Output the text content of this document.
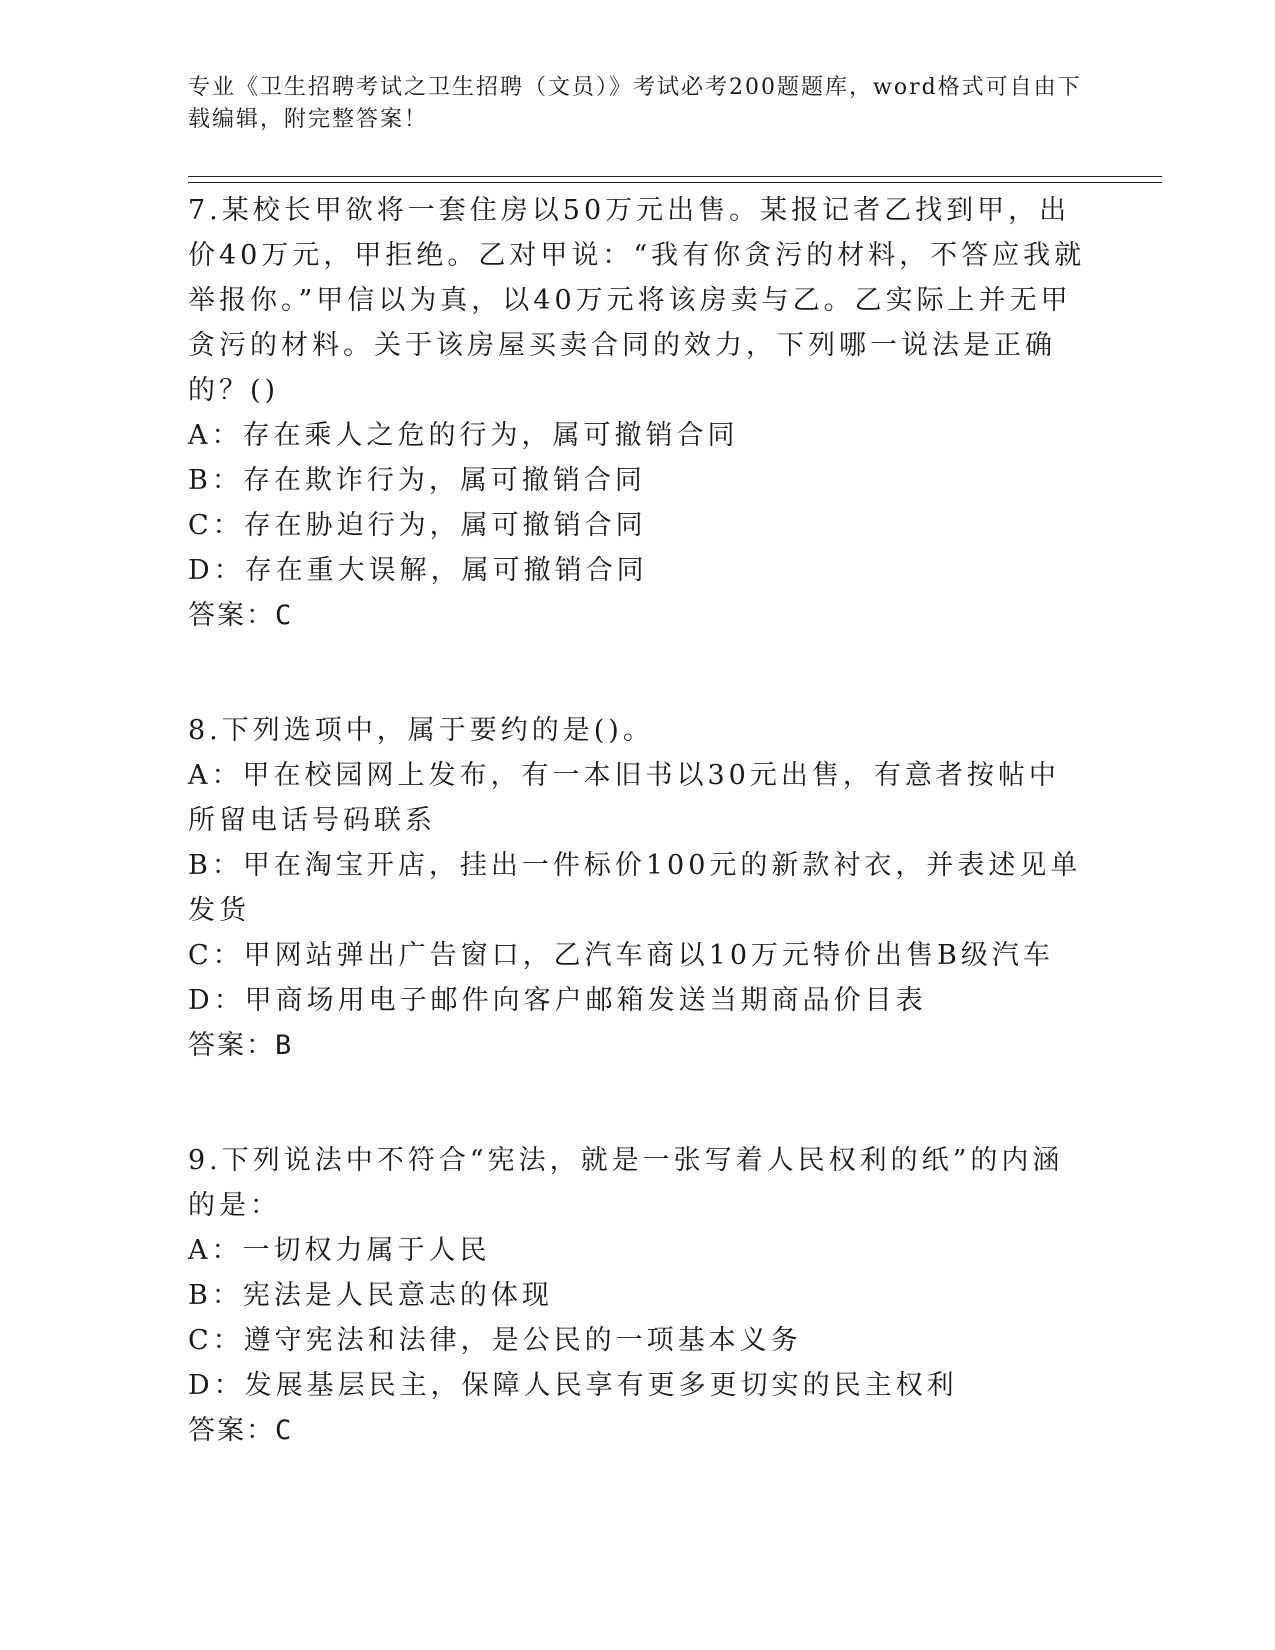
专业《卫生招聘考试之卫生招聘（文员）》考试必考200题题库，word格式可自由下载编辑，附完整答案！

7.某校长甲欲将一套住房以50万元出售。某报记者乙找到甲，出价40万元，甲拒绝。乙对甲说：“我有你贪污的材料，不答应我就举报你。”甲信以为真，以40万元将该房卖与乙。乙实际上并无甲贪污的材料。关于该房屋买卖合同的效力，下列哪一说法是正确的？()

A：存在乘人之危的行为，属可撤销合同

B：存在欺诈行为，属可撤销合同

C：存在胁迫行为，属可撤销合同

D：存在重大误解，属可撤销合同

答案：C

8.下列选项中，属于要约的是()。

A：甲在校园网上发布，有一本旧书以30元出售，有意者按帖中所留电话号码联系

B：甲在淘宝开店，挂出一件标价100元的新款衬衣，并表述见单发货

C：甲网站弹出广告窗口，乙汽车商以10万元特价出售B级汽车

D：甲商场用电子邮件向客户邮箱发送当期商品价目表

答案：B

9.下列说法中不符合“宪法，就是一张写着人民权利的纸”的内涵的是：

A：一切权力属于人民

B：宪法是人民意志的体现

C：遵守宪法和法律，是公民的一项基本义务

D：发展基层民主，保障人民享有更多更切实的民主权利

答案：C
